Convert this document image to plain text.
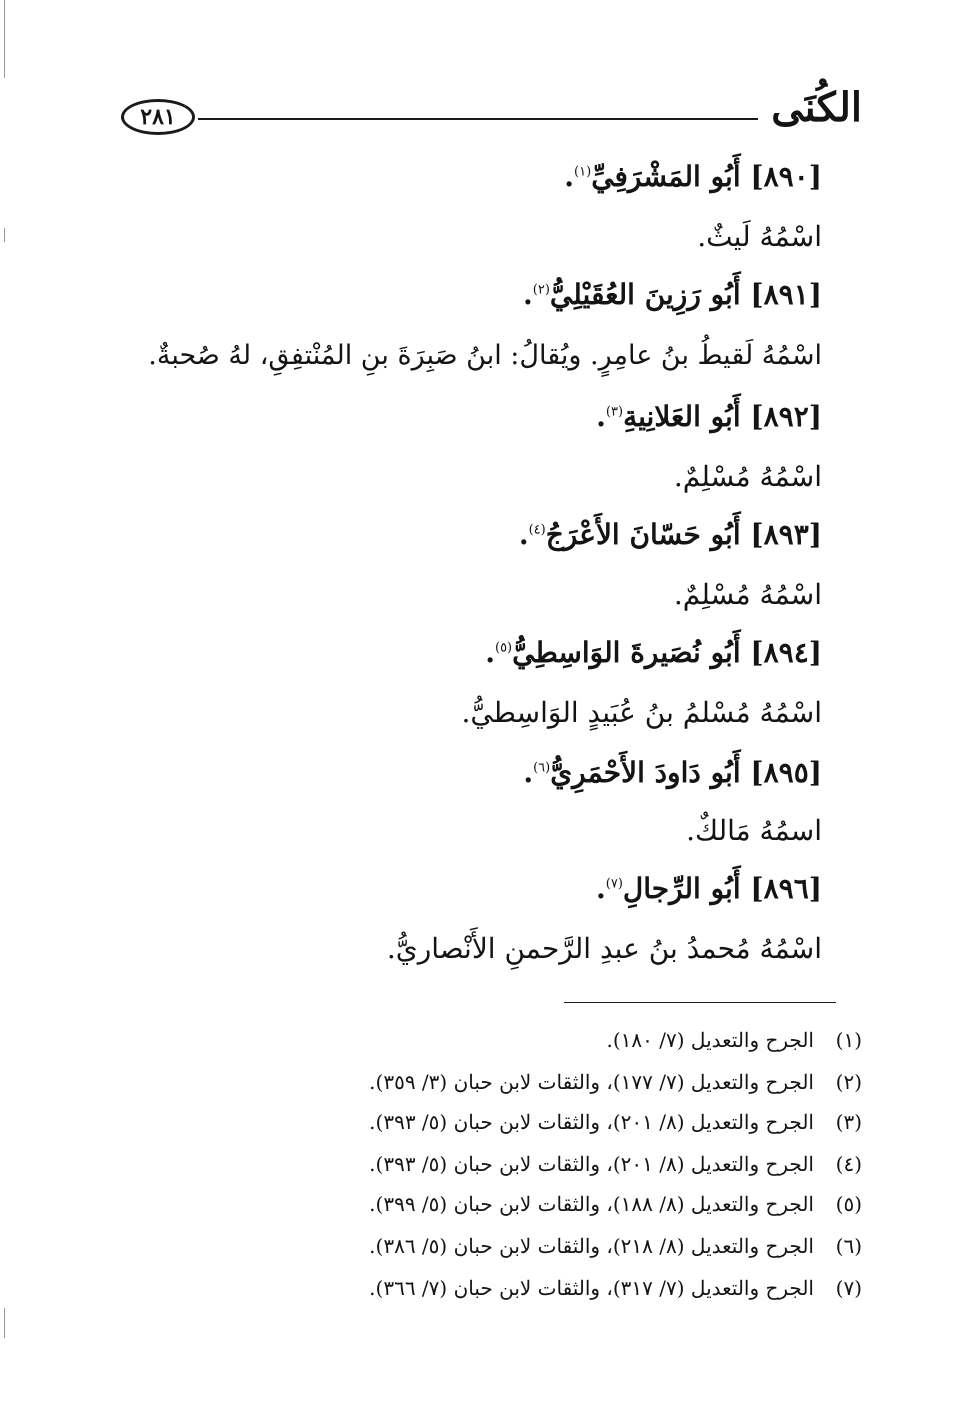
الكُنَى
٢٨١
[٨٩٠] أَبُو المَشْرَفِيِّ$^{(١)}$.
اسْمُهُ لَيثٌ.
[٨٩١] أَبُو رَزِينَ العُقَيْلِيُّ$^{(٢)}$.
اسْمُهُ لَقيطُ بنُ عامِرٍ. ويُقالُ: ابنُ صَبِرَةَ بنِ المُنْتفِقِ، لهُ صُحبةٌ.
[٨٩٢] أَبُو العَلانِيةِ$^{(٣)}$.
اسْمُهُ مُسْلِمٌ.
[٨٩٣] أَبُو حَسّانَ الأَعْرَجُ$^{(٤)}$.
اسْمُهُ مُسْلِمٌ.
[٨٩٤] أَبُو نُصَيرةَ الوَاسِطِيُّ$^{(٥)}$.
اسْمُهُ مُسْلمُ بنُ عُبَيدٍ الوَاسِطيُّ.
[٨٩٥] أَبُو دَاودَ الأَحْمَرِيُّ$^{(٦)}$.
اسمُهُ مَالكٌ.
[٨٩٦] أَبُو الرِّجالِ$^{(٧)}$.
اسْمُهُ مُحمدُ بنُ عبدِ الرَّحمنِ الأَنْصاريُّ.
(١)الجرح والتعديل (٧/ ١٨٠).
(٢)الجرح والتعديل (٧/ ١٧٧)، والثقات لابن حبان (٣/ ٣٥٩).
(٣)الجرح والتعديل (٨/ ٢٠١)، والثقات لابن حبان (٥/ ٣٩٣).
(٤)الجرح والتعديل (٨/ ٢٠١)، والثقات لابن حبان (٥/ ٣٩٣).
(٥)الجرح والتعديل (٨/ ١٨٨)، والثقات لابن حبان (٥/ ٣٩٩).
(٦)الجرح والتعديل (٨/ ٢١٨)، والثقات لابن حبان (٥/ ٣٨٦).
(٧)الجرح والتعديل (٧/ ٣١٧)، والثقات لابن حبان (٧/ ٣٦٦).
